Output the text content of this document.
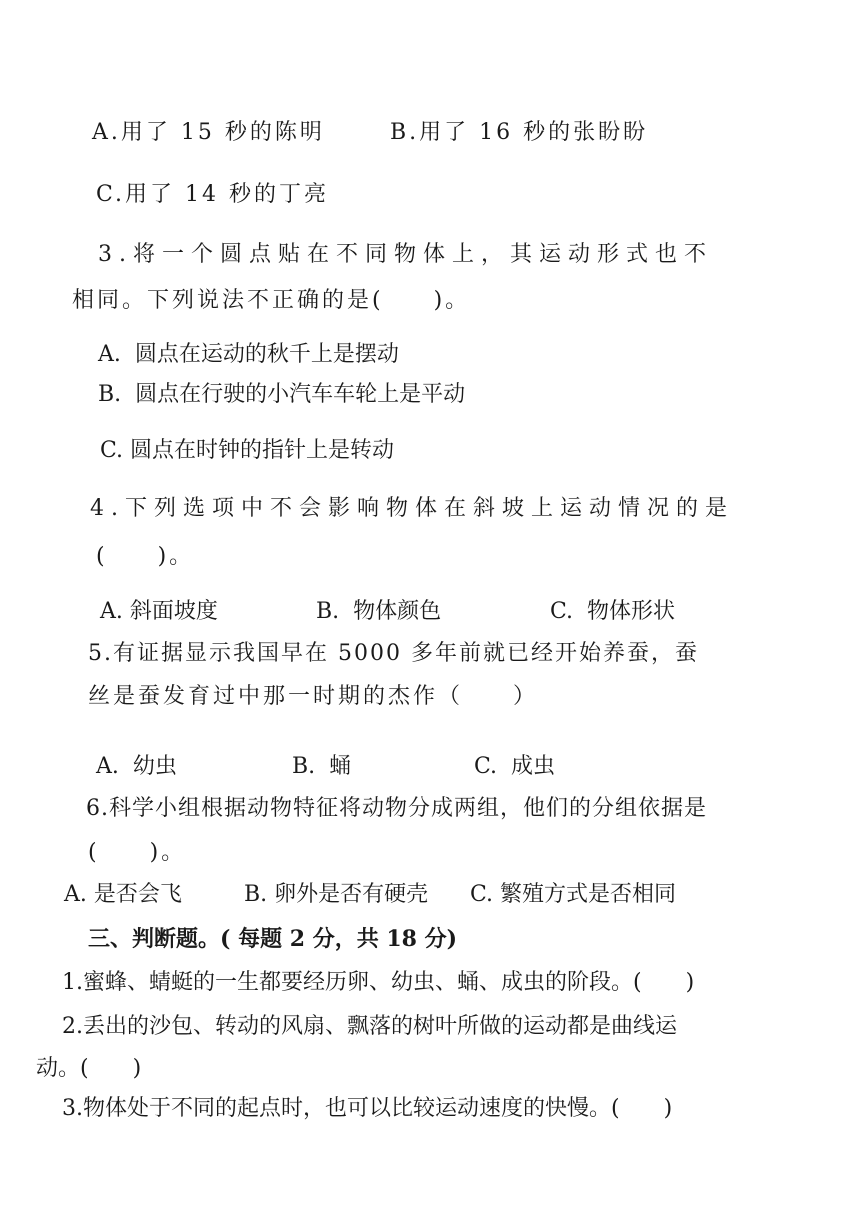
A.用了 15 秒的陈明	B.用了 16 秒的张盼盼
C.用了 14 秒的丁亮
3.将一个圆点贴在不同物体上，其运动形式也不
相同。下列说法不正确的是(　　)。
A.  圆点在运动的秋千上是摆动
B.  圆点在行驶的小汽车车轮上是平动
C. 圆点在时钟的指针上是转动
4.下列选项中不会影响物体在斜坡上运动情况的是
(　　)。
A. 斜面坡度	B.  物体颜色	C.  物体形状
5.有证据显示我国早在 5000 多年前就已经开始养蚕，蚕
丝是蚕发育过中那一时期的杰作（　　）
A.  幼虫	B.  蛹	C.  成虫
6.科学小组根据动物特征将动物分成两组，他们的分组依据是
(　　)。
A. 是否会飞	B. 卵外是否有硬壳 C. 繁殖方式是否相同
三、判断题。( 每题 2 分，共 18 分)
1.蜜蜂、蜻蜓的一生都要经历卵、幼虫、蛹、成虫的阶段。(　　)
2.丢出的沙包、转动的风扇、飘落的树叶所做的运动都是曲线运
动。(　　)
3.物体处于不同的起点时，也可以比较运动速度的快慢。(　　)
